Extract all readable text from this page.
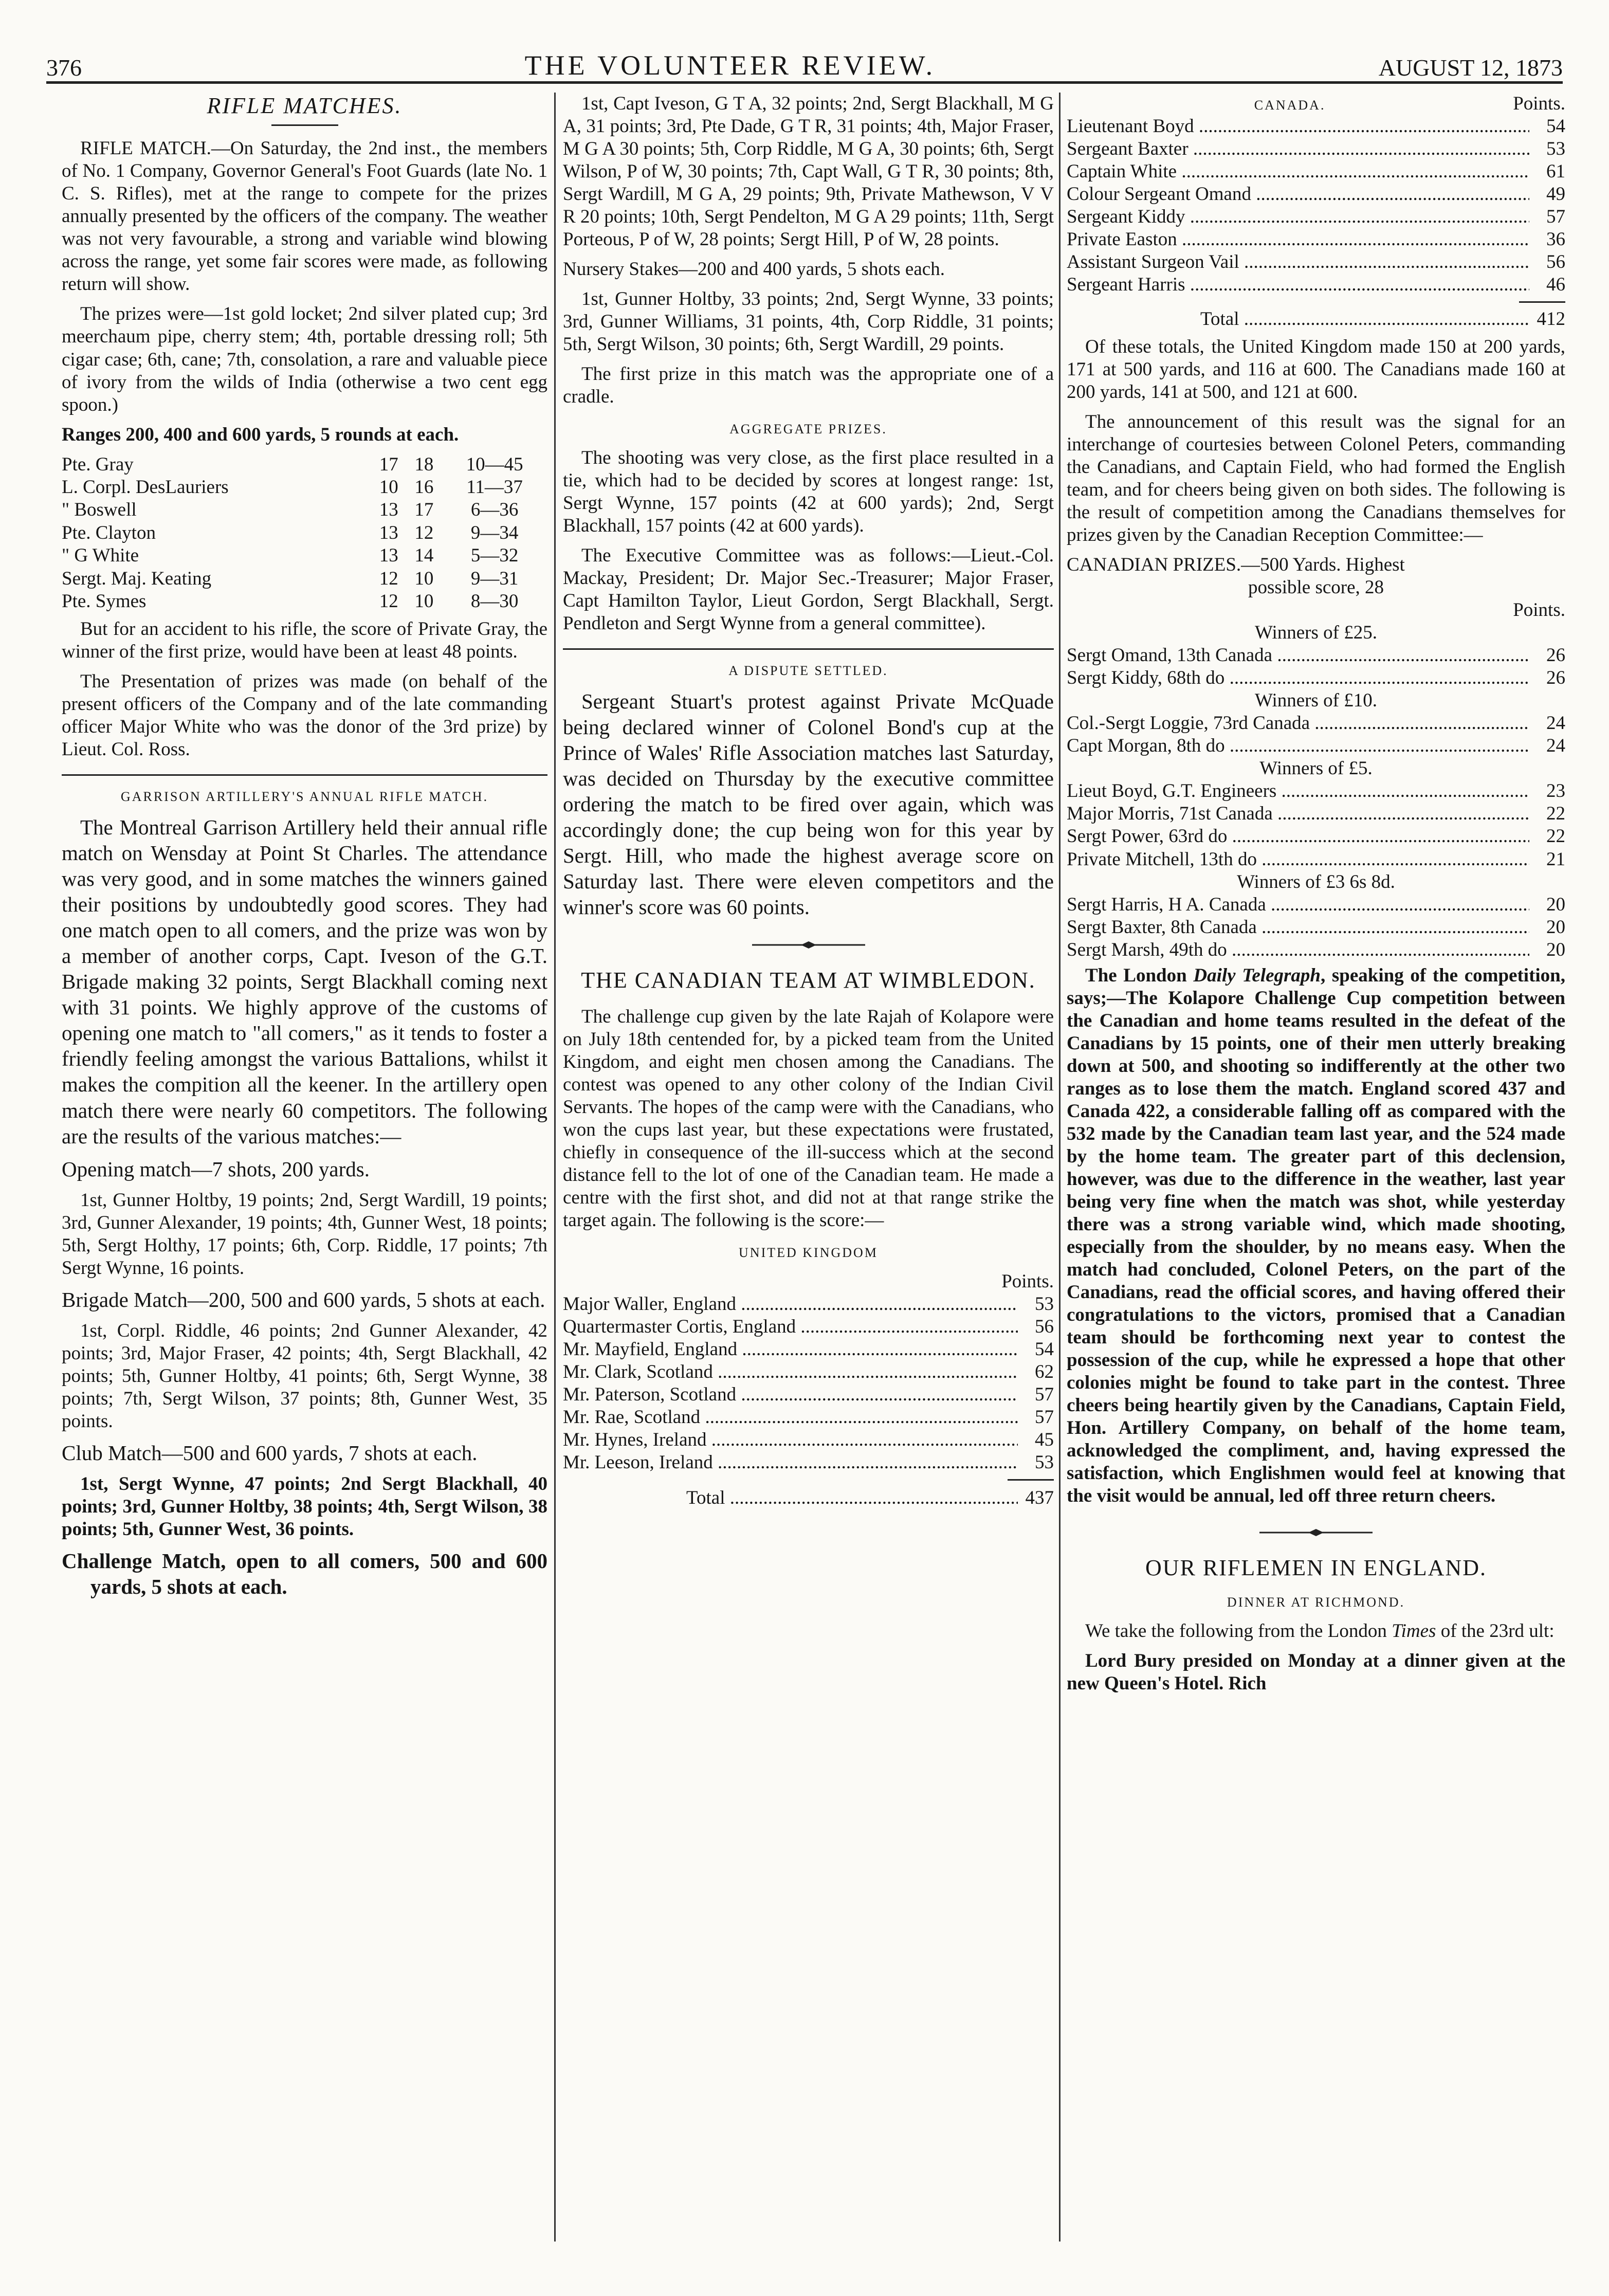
376	THE VOLUNTEER REVIEW.	AUGUST 12, 1873
RIFLE MATCHES.

RIFLE MATCH.—On Saturday, the 2nd inst., the members of No. 1 Company, Governor General's Foot Guards (late No. 1 C. S. Rifles), met at the range to compete for the prizes annually presented by the officers of the company. The weather was not very favourable, a strong and variable wind blowing across the range, yet some fair scores were made, as following return will show.

The prizes were—1st gold locket; 2nd silver plated cup; 3rd meerchaum pipe, cherry stem; 4th, portable dressing roll; 5th cigar case; 6th, cane; 7th, consolation, a rare and valuable piece of ivory from the wilds of India (otherwise a two cent egg spoon.)

Ranges 200, 400 and 600 yards, 5 rounds at each.

Pte. Gray	17	18	10—45
L. Corpl. DesLauriers	10	16	11—37
" Boswell	13	17	6—36
Pte. Clayton	13	12	9—34
" G White	13	14	5—32
Sergt. Maj. Keating	12	10	9—31
Pte. Symes	12	10	8—30

But for an accident to his rifle, the score of Private Gray, the winner of the first prize, would have been at least 48 points.

The Presentation of prizes was made (on behalf of the present officers of the Company and of the late commanding officer Major White who was the donor of the 3rd prize) by Lieut. Col. Ross.

GARRISON ARTILLERY'S ANNUAL RIFLE MATCH.

The Montreal Garrison Artillery held their annual rifle match on Wensday at Point St Charles. The attendance was very good, and in some matches the winners gained their positions by undoubtedly good scores. They had one match open to all comers, and the prize was won by a member of another corps, Capt. Iveson of the G.T. Brigade making 32 points, Sergt Blackhall coming next with 31 points. We highly approve of the customs of opening one match to "all comers," as it tends to foster a friendly feeling amongst the various Battalions, whilst it makes the compition all the keener. In the artillery open match there were nearly 60 competitors. The following are the results of the various matches:—

Opening match—7 shots, 200 yards.

1st, Gunner Holtby, 19 points; 2nd, Sergt Wardill, 19 points; 3rd, Gunner Alexander, 19 points; 4th, Gunner West, 18 points; 5th, Sergt Holthy, 17 points; 6th, Corp. Riddle, 17 points; 7th Sergt Wynne, 16 points.

Brigade Match—200, 500 and 600 yards, 5 shots at each.

1st, Corpl. Riddle, 46 points; 2nd Gunner Alexander, 42 points; 3rd, Major Fraser, 42 points; 4th, Sergt Blackhall, 42 points; 5th, Gunner Holtby, 41 points; 6th, Sergt Wynne, 38 points; 7th, Sergt Wilson, 37 points; 8th, Gunner West, 35 points.

Club Match—500 and 600 yards, 7 shots at each.

1st, Sergt Wynne, 47 points; 2nd Sergt Blackhall, 40 points; 3rd, Gunner Holtby, 38 points; 4th, Sergt Wilson, 38 points; 5th, Gunner West, 36 points.

Challenge Match, open to all comers, 500 and 600 yards, 5 shots at each.

1st, Capt Iveson, G T A, 32 points; 2nd, Sergt Blackhall, M G A, 31 points; 3rd, Pte Dade, G T R, 31 points; 4th, Major Fraser, M G A 30 points; 5th, Corp Riddle, M G A, 30 points; 6th, Sergt Wilson, P of W, 30 points; 7th, Capt Wall, G T R, 30 points; 8th, Sergt Wardill, M G A, 29 points; 9th, Private Mathewson, V V R 20 points; 10th, Sergt Pendelton, M G A 29 points; 11th, Sergt Porteous, P of W, 28 points; Sergt Hill, P of W, 28 points.

Nursery Stakes—200 and 400 yards, 5 shots each.

1st, Gunner Holtby, 33 points; 2nd, Sergt Wynne, 33 points; 3rd, Gunner Williams, 31 points, 4th, Corp Riddle, 31 points; 5th, Sergt Wilson, 30 points; 6th, Sergt Wardill, 29 points.

The first prize in this match was the appropriate one of a cradle.

AGGREGATE PRIZES.

The shooting was very close, as the first place resulted in a tie, which had to be decided by scores at longest range: 1st, Sergt Wynne, 157 points (42 at 600 yards); 2nd, Sergt Blackhall, 157 points (42 at 600 yards).

The Executive Committee was as follows:—Lieut.-Col. Mackay, President; Dr. Major Sec.-Treasurer; Major Fraser, Capt Hamilton Taylor, Lieut Gordon, Sergt Blackhall, Sergt. Pendleton and Sergt Wynne from a general committee).

A DISPUTE SETTLED.

Sergeant Stuart's protest against Private McQuade being declared winner of Colonel Bond's cup at the Prince of Wales' Rifle Association matches last Saturday, was decided on Thursday by the executive committee ordering the match to be fired over again, which was accordingly done; the cup being won for this year by Sergt. Hill, who made the highest average score on Saturday last. There were eleven competitors and the winner's score was 60 points.

THE CANADIAN TEAM AT WIMBLEDON.

The challenge cup given by the late Rajah of Kolapore were on July 18th centended for, by a picked team from the United Kingdom, and eight men chosen among the Canadians. The contest was opened to any other colony of the Indian Civil Servants. The hopes of the camp were with the Canadians, who won the cups last year, but these expectations were frustated, chiefly in consequence of the ill-success which at the second distance fell to the lot of one of the Canadian team. He made a centre with the first shot, and did not at that range strike the target again. The following is the score:—

UNITED KINGDOM
Points.
Major Waller, England .....	53
Quartermaster Cortis, England .....	56
Mr. Mayfield, England .....	54
Mr. Clark, Scotland .....	62
Mr. Paterson, Scotland .....	57
Mr. Rae, Scotland .....	57
Mr. Hynes, Ireland .....	45
Mr. Leeson, Ireland .....	53
Total .....	437
CANADA.	Points.
Lieutenant Boyd .....	54
Sergeant Baxter .....	53
Captain White .....	61
Colour Sergeant Omand .....	49
Sergeant Kiddy .....	57
Private Easton .....	36
Assistant Surgeon Vail .....	56
Sergeant Harris .....	46
Total .....	412

Of these totals, the United Kingdom made 150 at 200 yards, 171 at 500 yards, and 116 at 600. The Canadians made 160 at 200 yards, 141 at 500, and 121 at 600.

The announcement of this result was the signal for an interchange of courtesies between Colonel Peters, commanding the Canadians, and Captain Field, who had formed the English team, and for cheers being given on both sides. The following is the result of competition among the Canadians themselves for prizes given by the Canadian Reception Committee:—

CANADIAN PRIZES.—500 Yards. Highest
possible score, 28
Points.
Winners of £25.
Sergt Omand, 13th Canada .....	26
Sergt Kiddy, 68th do .....	26
Winners of £10.
Col.-Sergt Loggie, 73rd Canada .....	24
Capt Morgan, 8th do .....	24
Winners of £5.
Lieut Boyd, G.T. Engineers .....	23
Major Morris, 71st Canada .....	22
Sergt Power, 63rd do .....	22
Private Mitchell, 13th do .....	21
Winners of £3 6s 8d.
Sergt Harris, H A. Canada .....	20
Sergt Baxter, 8th Canada .....	20
Sergt Marsh, 49th do .....	20

The London Daily Telegraph, speaking of the competition, says;—The Kolapore Challenge Cup competition between the Canadian and home teams resulted in the defeat of the Canadians by 15 points, one of their men utterly breaking down at 500, and shooting so indifferently at the other two ranges as to lose them the match. England scored 437 and Canada 422, a considerable falling off as compared with the 532 made by the Canadian team last year, and the 524 made by the home team. The greater part of this declension, however, was due to the difference in the weather, last year being very fine when the match was shot, while yesterday there was a strong variable wind, which made shooting, especially from the shoulder, by no means easy. When the match had concluded, Colonel Peters, on the part of the Canadians, read the official scores, and having offered their congratulations to the victors, promised that a Canadian team should be forthcoming next year to contest the possession of the cup, while he expressed a hope that other colonies might be found to take part in the contest. Three cheers being heartily given by the Canadians, Captain Field, Hon. Artillery Company, on behalf of the home team, acknowledged the compliment, and, having expressed the satisfaction, which Englishmen would feel at knowing that the visit would be annual, led off three return cheers.

OUR RIFLEMEN IN ENGLAND.
DINNER AT RICHMOND.

We take the following from the London Times of the 23rd ult:

Lord Bury presided on Monday at a dinner given at the new Queen's Hotel. Rich
